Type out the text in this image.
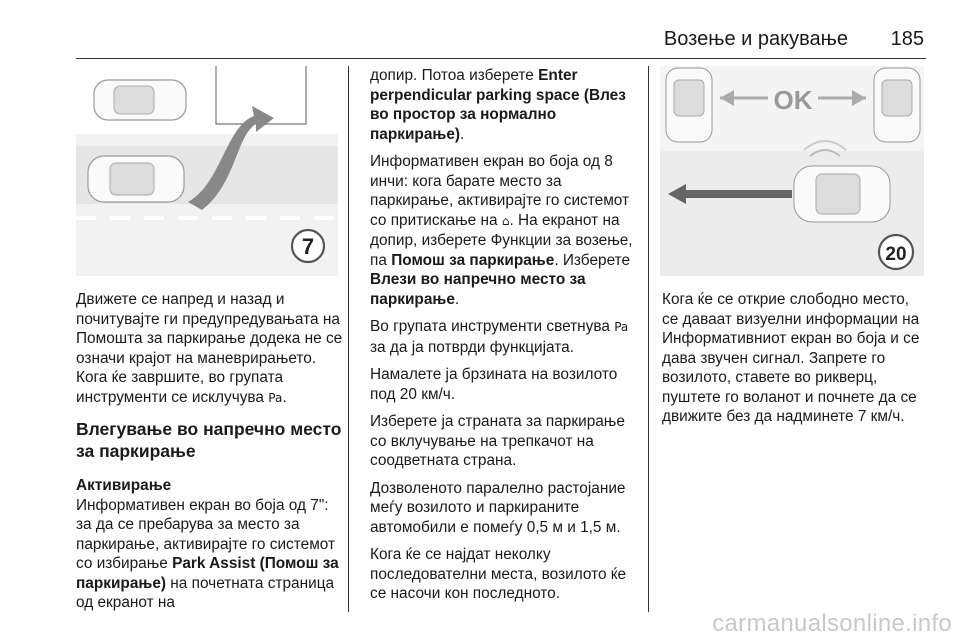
Возење и ракување 185
7
OK
20

Движете се напред и назад и почитувајте ги предупредувањата на Помошта за паркирање додека не се означи крајот на маневрирањето. Кога ќе завршите, во групата инструменти се исклучува Pa.

Влегување во напречно место за паркирање
Активирање

Информативен екран во боја од 7": за да се пребарува за место за паркирање, активирајте го системот со избирање Park Assist (Помош за паркирање) на почетната страница од екранот на

допир. Потоа изберете Enter perpendicular parking space (Влез во простор за нормално паркирање).

Информативен екран во боја од 8 инчи: кога барате место за паркирање, активирајте го системот со притискање на ⌂. На екранот на допир, изберете Функции за возење, па Помош за паркирање. Изберете Влези во напречно место за паркирање.

Во групата инструменти светнува Pa за да ја потврди функцијата.

Намалете ја брзината на возилото под 20 км/ч.

Изберете ја страната за паркирање со вклучување на трепкачот на соодветната страна.

Дозволеното паралелно растојание меѓу возилото и паркираните автомобили е помеѓу 0,5 м и 1,5 м.

Кога ќе се најдат неколку последователни места, возилото ќе се насочи кон последното.

Кога ќе се открие слободно место, се даваат визуелни информации на Информативниот екран во боја и се дава звучен сигнал. Запрете го возилото, ставете во рикверц, пуштете го воланот и почнете да се движите без да надминете 7 км/ч.

carmanualsonline.info
